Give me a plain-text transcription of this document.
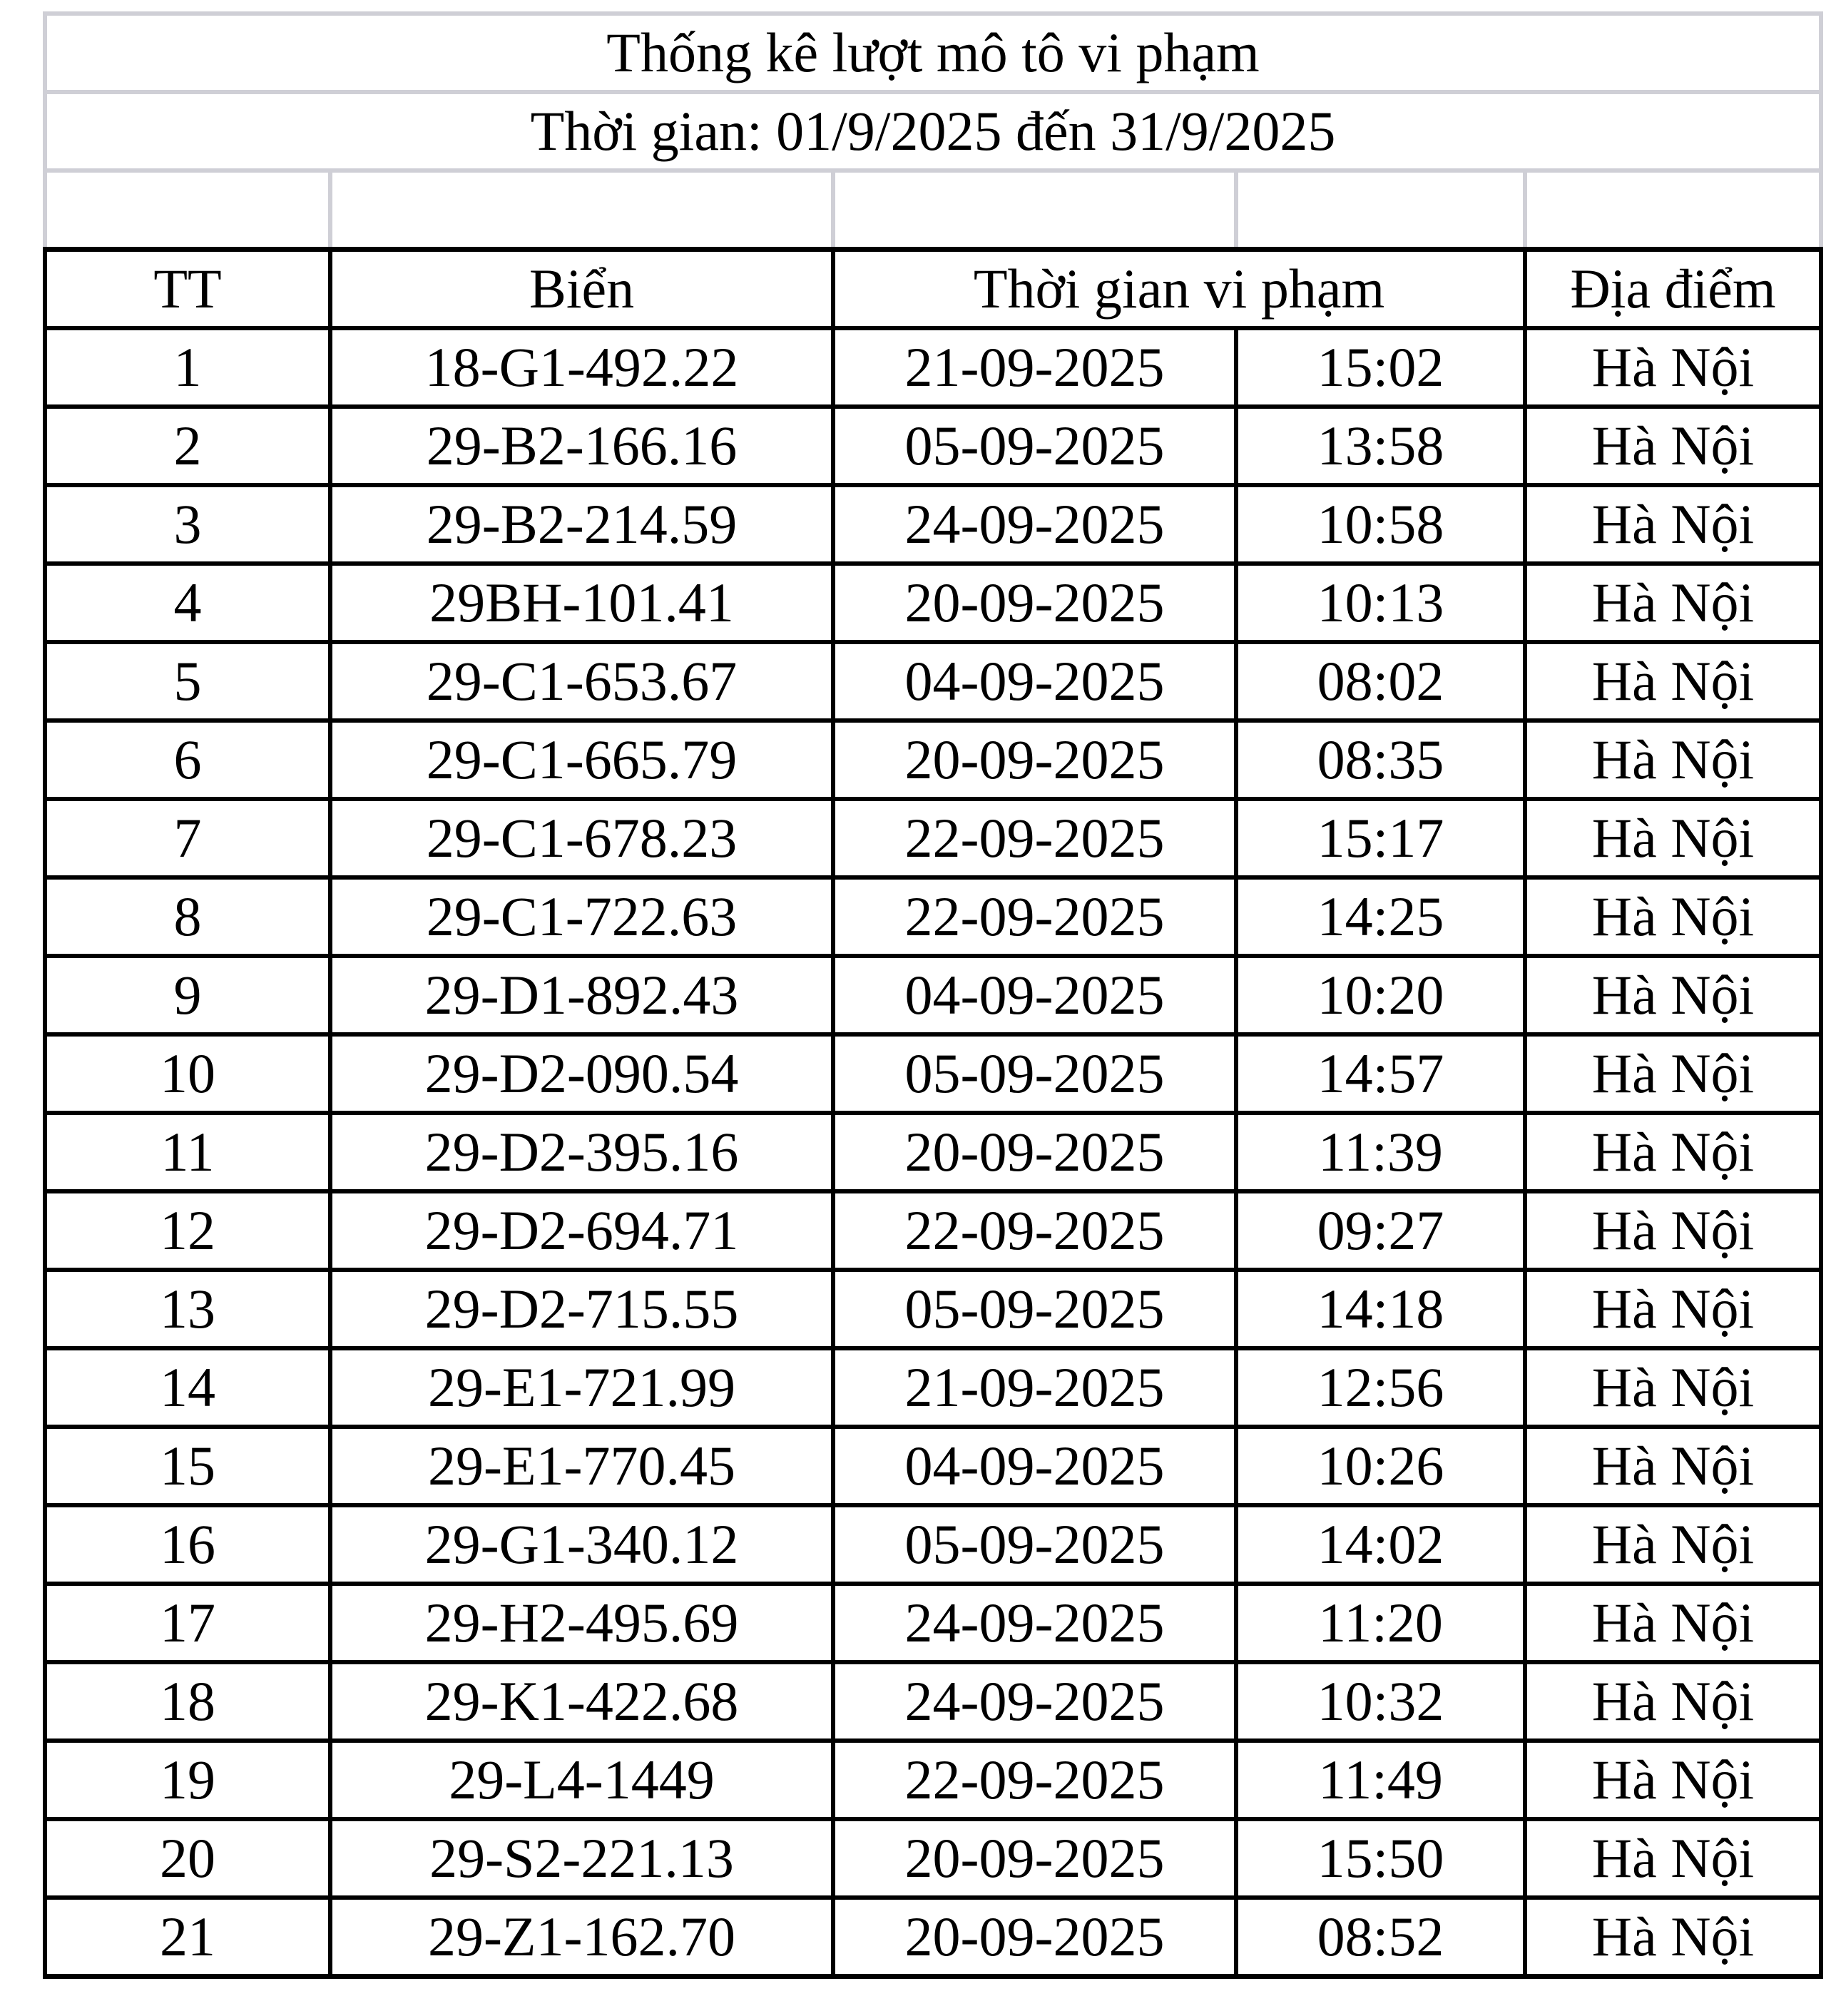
Thống kê lượt mô tô vi phạm				
Thời gian: 01/9/2025 đến 31/9/2025				

TT	Biển	Thời gian vi phạm		Địa điểm
1	18-G1-492.22	21-09-2025	15:02	Hà Nội
2	29-B2-166.16	05-09-2025	13:58	Hà Nội
3	29-B2-214.59	24-09-2025	10:58	Hà Nội
4	29BH-101.41	20-09-2025	10:13	Hà Nội
5	29-C1-653.67	04-09-2025	08:02	Hà Nội
6	29-C1-665.79	20-09-2025	08:35	Hà Nội
7	29-C1-678.23	22-09-2025	15:17	Hà Nội
8	29-C1-722.63	22-09-2025	14:25	Hà Nội
9	29-D1-892.43	04-09-2025	10:20	Hà Nội
10	29-D2-090.54	05-09-2025	14:57	Hà Nội
11	29-D2-395.16	20-09-2025	11:39	Hà Nội
12	29-D2-694.71	22-09-2025	09:27	Hà Nội
13	29-D2-715.55	05-09-2025	14:18	Hà Nội
14	29-E1-721.99	21-09-2025	12:56	Hà Nội
15	29-E1-770.45	04-09-2025	10:26	Hà Nội
16	29-G1-340.12	05-09-2025	14:02	Hà Nội
17	29-H2-495.69	24-09-2025	11:20	Hà Nội
18	29-K1-422.68	24-09-2025	10:32	Hà Nội
19	29-L4-1449	22-09-2025	11:49	Hà Nội
20	29-S2-221.13	20-09-2025	15:50	Hà Nội
21	29-Z1-162.70	20-09-2025	08:52	Hà Nội
